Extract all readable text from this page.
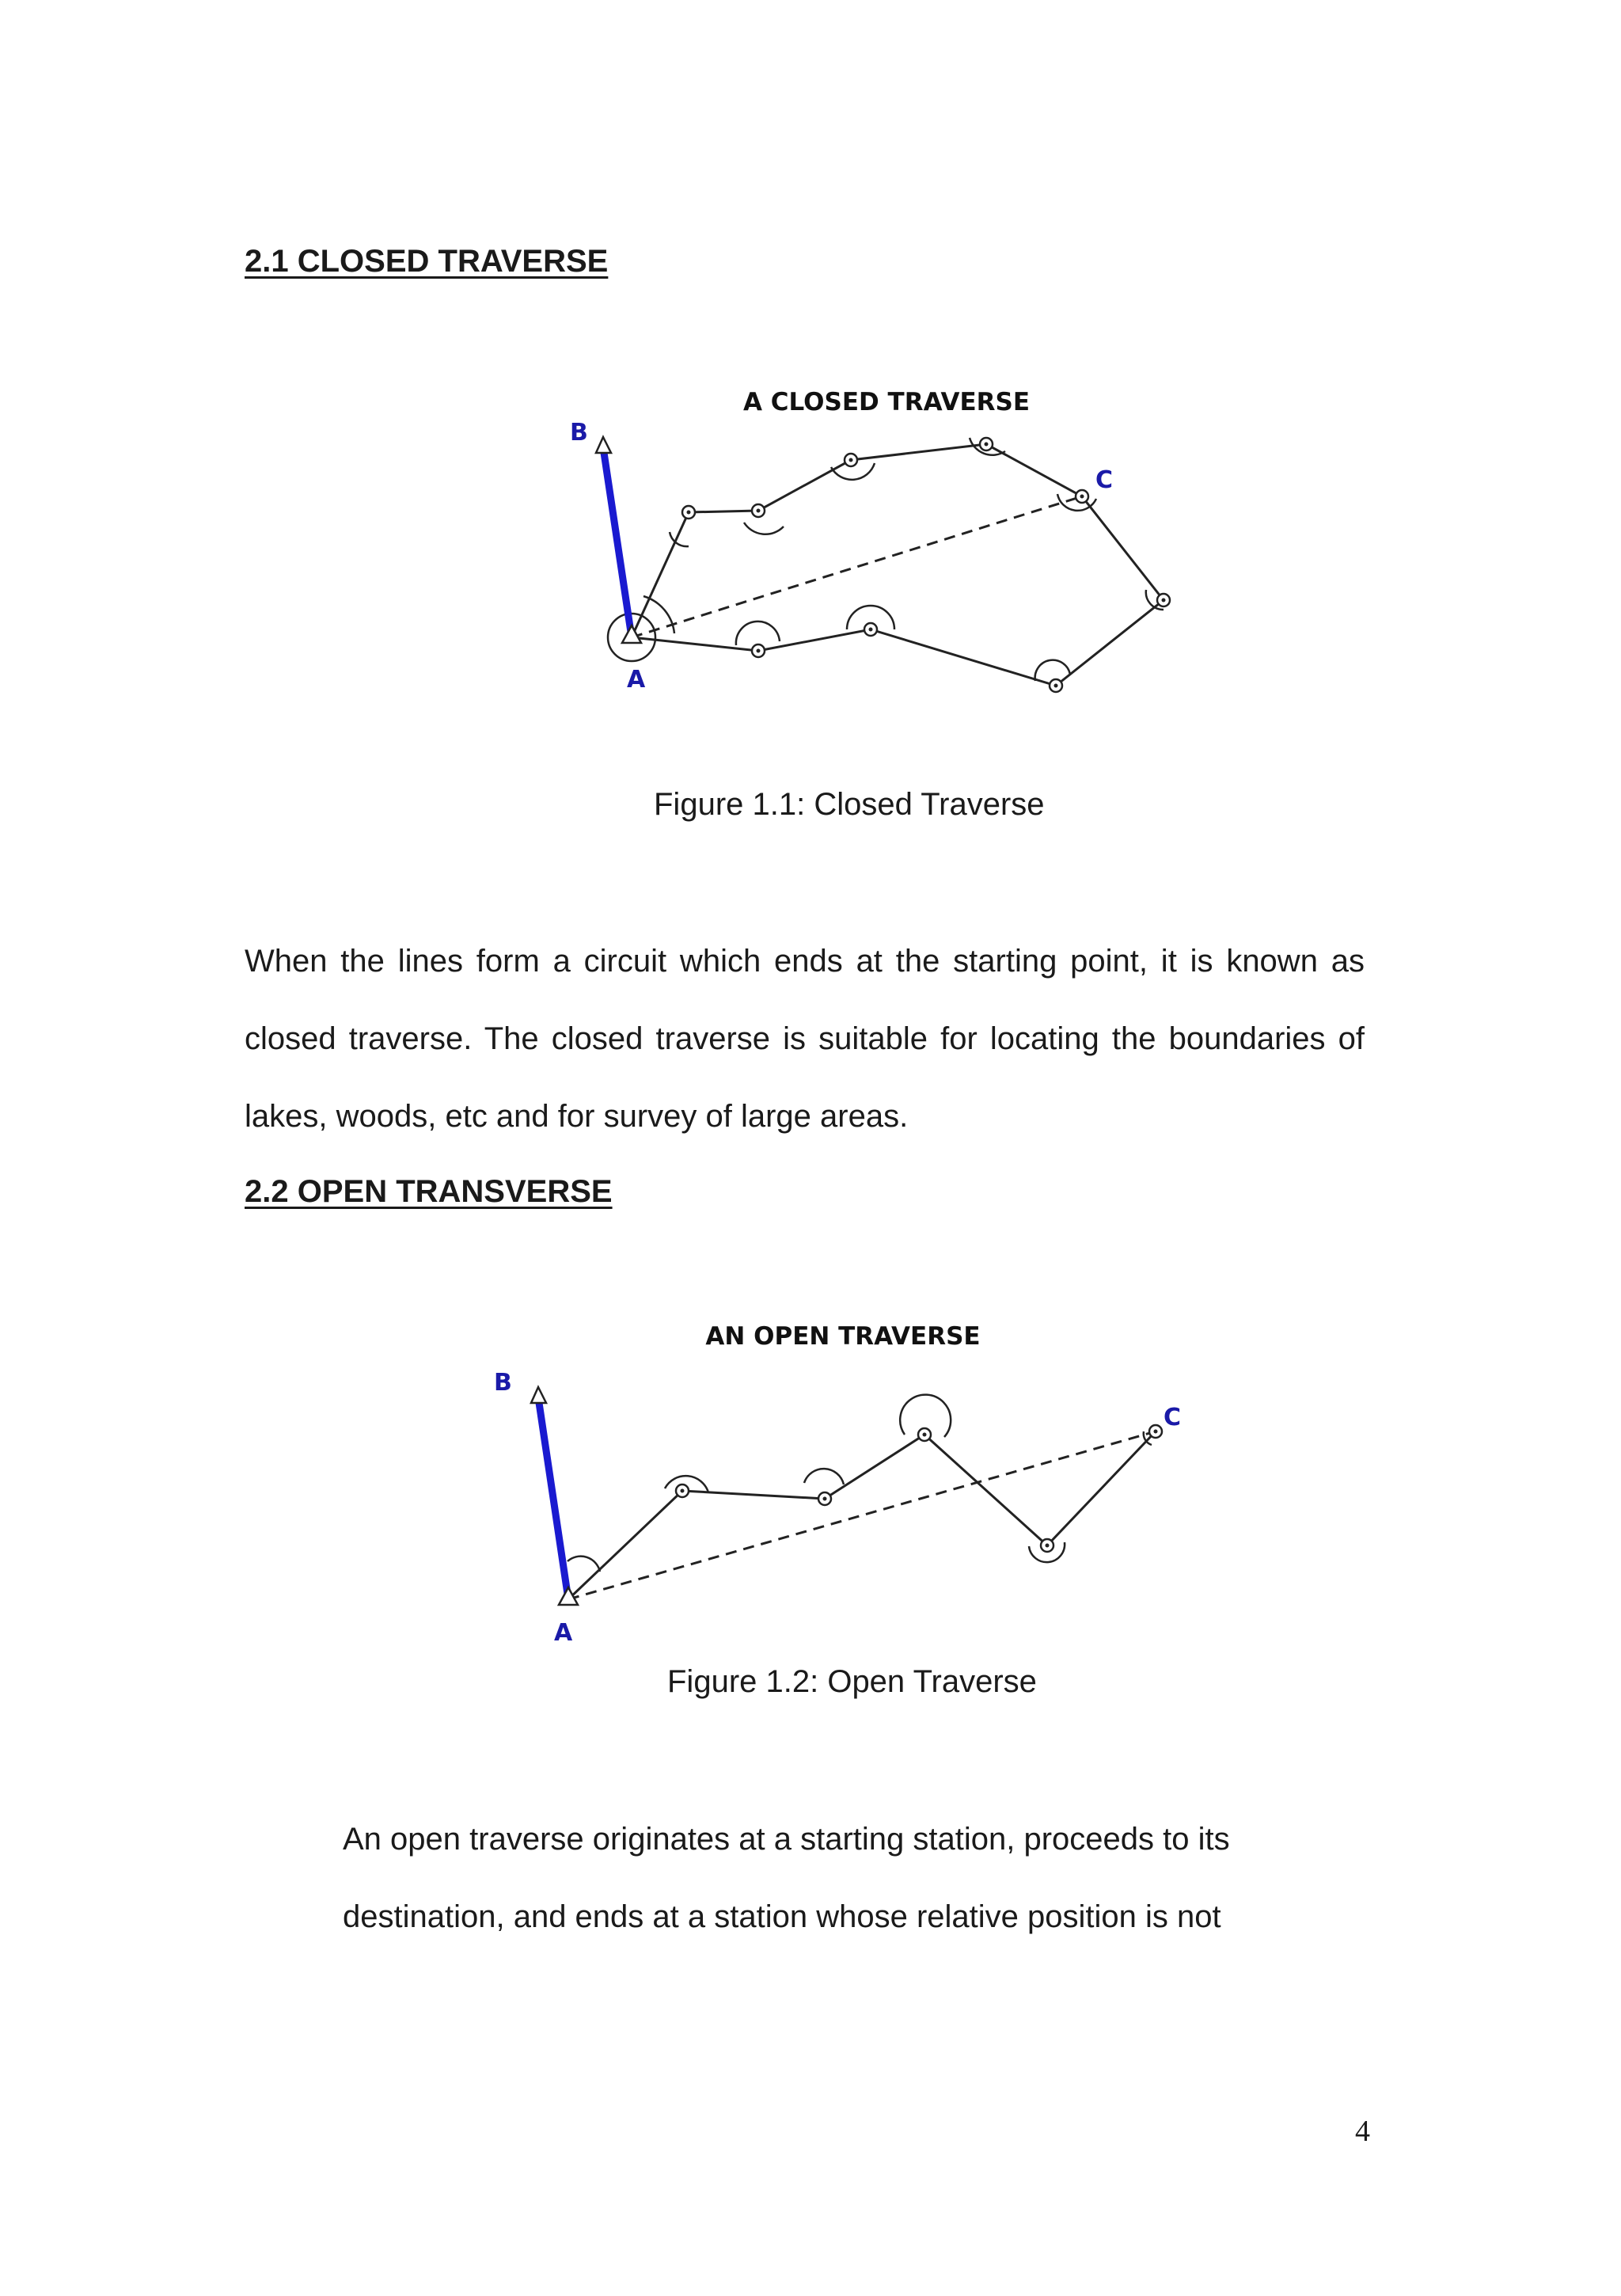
2.1 CLOSED TRAVERSE
A CLOSED TRAVERSE
B
C
A

Figure 1.1: Closed Traverse

When the lines form a circuit which ends at the starting point, it is known as closed traverse. The closed traverse is suitable for locating the boundaries of lakes, woods, etc and for survey of large areas.

2.2 OPEN TRANSVERSE
AN OPEN TRAVERSE
B
C
A

Figure 1.2: Open Traverse

An open traverse originates at a starting station, proceeds to its destination, and ends at a station whose relative position is not

4
